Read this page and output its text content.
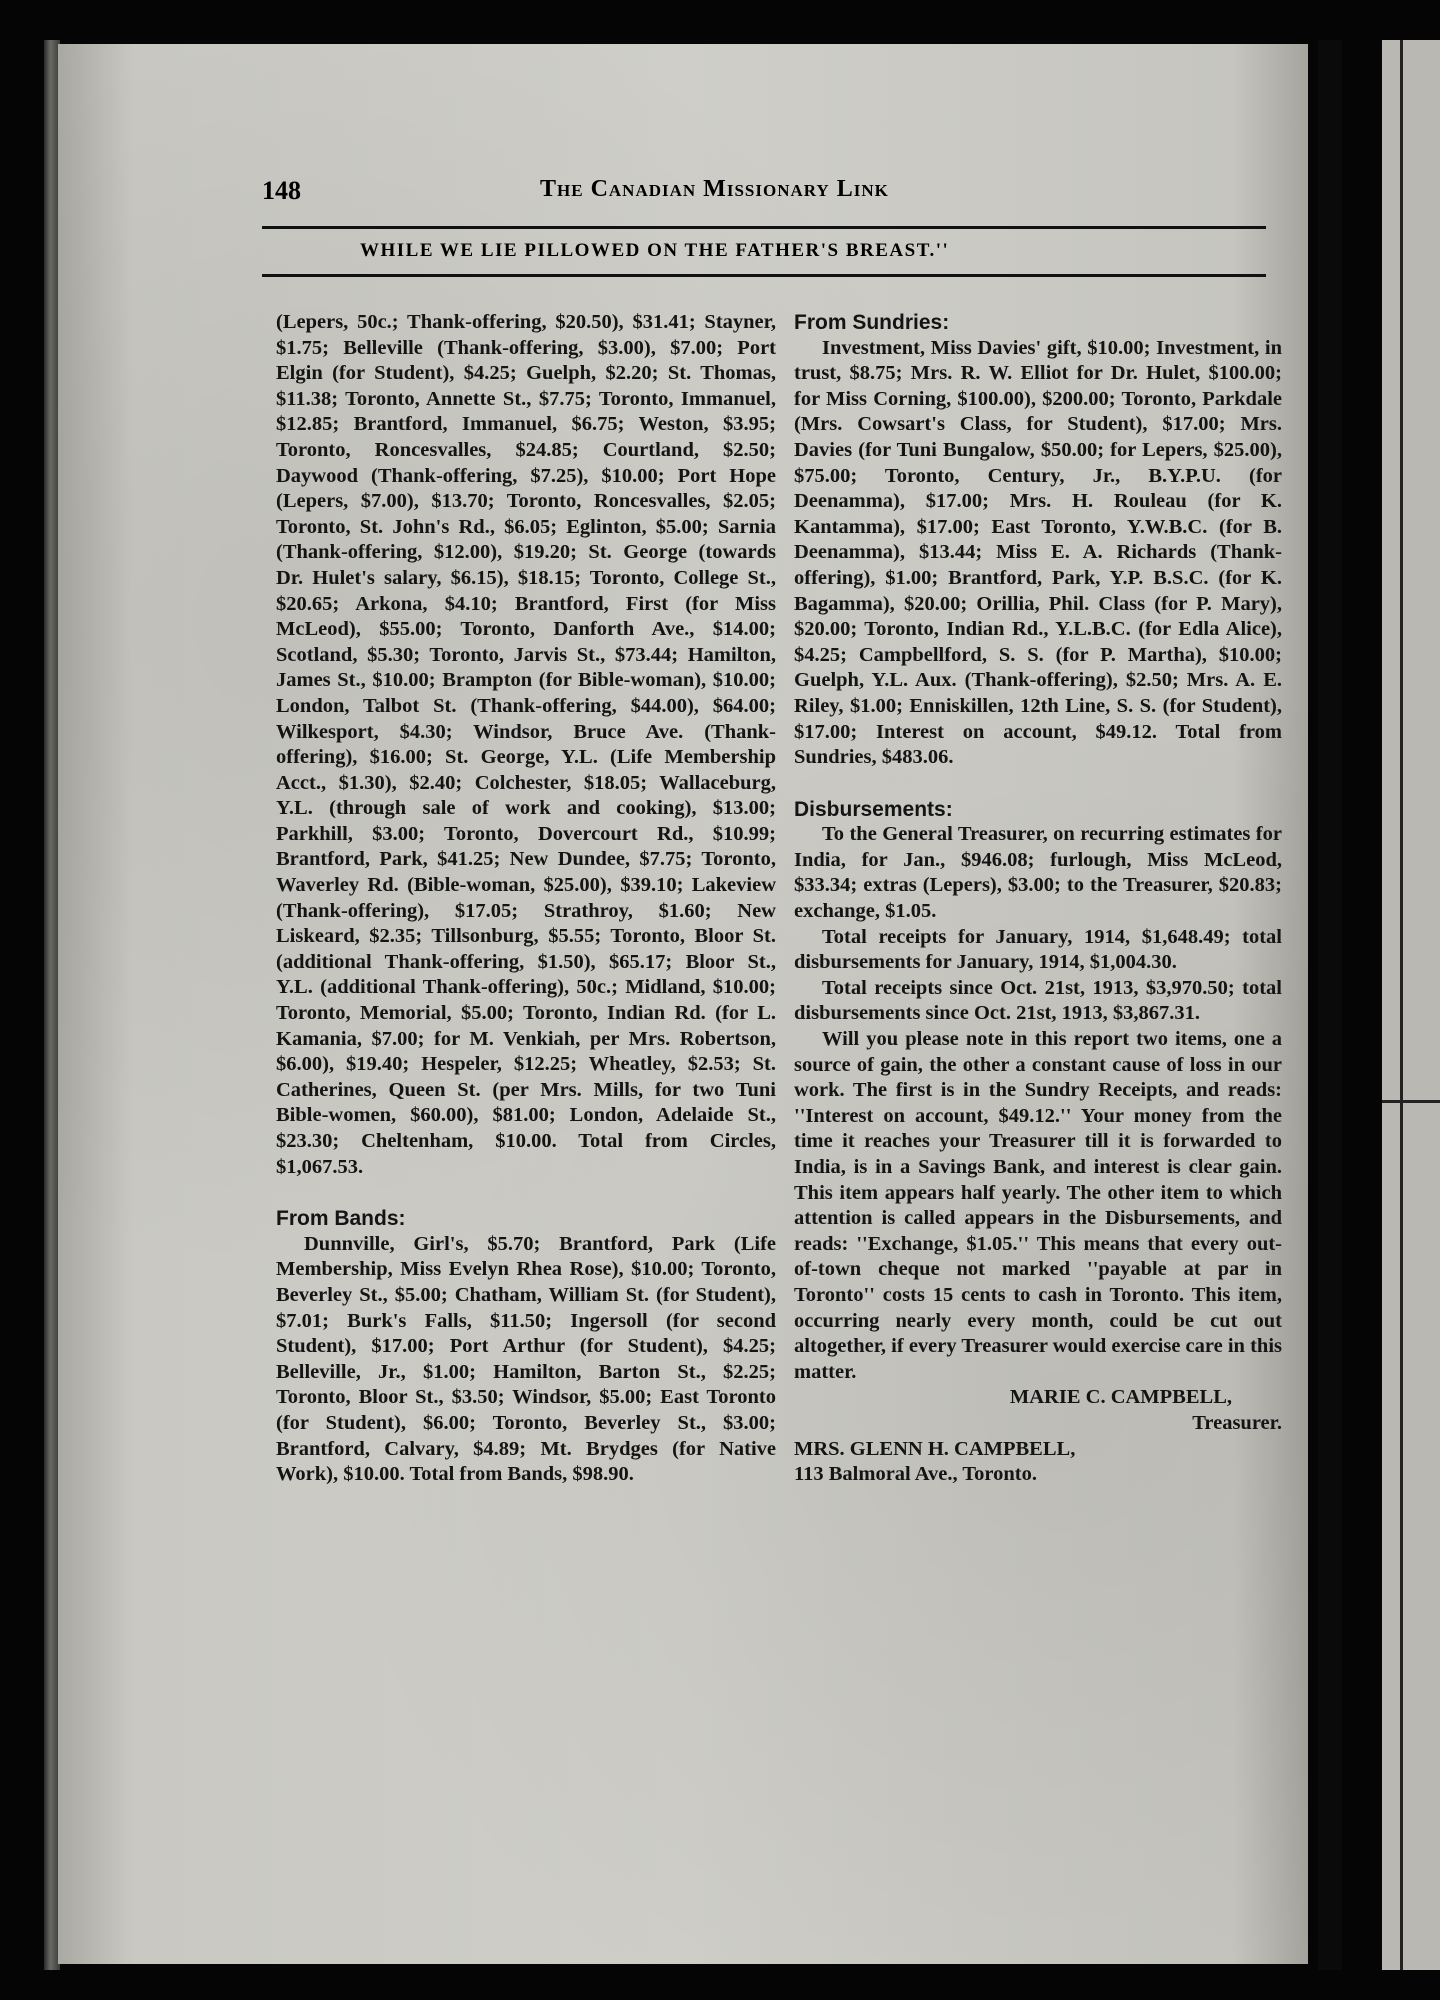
148	The Canadian Missionary Link
WHILE WE LIE PILLOWED ON THE FATHER'S BREAST.''

(Lepers, 50c.; Thank-offering, $20.50), $31.41; Stayner, $1.75; Belleville (Thank-offering, $3.00), $7.00; Port Elgin (for Student), $4.25; Guelph, $2.20; St. Thomas, $11.38; Toronto, Annette St., $7.75; Toronto, Immanuel, $12.85; Brantford, Immanuel, $6.75; Weston, $3.95; Toronto, Roncesvalles, $24.85; Courtland, $2.50; Daywood (Thank-offering, $7.25), $10.00; Port Hope (Lepers, $7.00), $13.70; Toronto, Roncesvalles, $2.05; Toronto, St. John's Rd., $6.05; Eglinton, $5.00; Sarnia (Thank-offering, $12.00), $19.20; St. George (towards Dr. Hulet's salary, $6.15), $18.15; Toronto, College St., $20.65; Arkona, $4.10; Brantford, First (for Miss McLeod), $55.00; Toronto, Danforth Ave., $14.00; Scotland, $5.30; Toronto, Jarvis St., $73.44; Hamilton, James St., $10.00; Brampton (for Bible-woman), $10.00; London, Talbot St. (Thank-offering, $44.00), $64.00; Wilkesport, $4.30; Windsor, Bruce Ave. (Thank-offering), $16.00; St. George, Y.L. (Life Membership Acct., $1.30), $2.40; Colchester, $18.05; Wallaceburg, Y.L. (through sale of work and cooking), $13.00; Parkhill, $3.00; Toronto, Dovercourt Rd., $10.99; Brantford, Park, $41.25; New Dundee, $7.75; Toronto, Waverley Rd. (Bible-woman, $25.00), $39.10; Lakeview (Thank-offering), $17.05; Strathroy, $1.60; New Liskeard, $2.35; Tillsonburg, $5.55; Toronto, Bloor St. (additional Thank-offering, $1.50), $65.17; Bloor St., Y.L. (additional Thank-offering), 50c.; Midland, $10.00; Toronto, Memorial, $5.00; Toronto, Indian Rd. (for L. Kamania, $7.00; for M. Venkiah, per Mrs. Robertson, $6.00), $19.40; Hespeler, $12.25; Wheatley, $2.53; St. Catherines, Queen St. (per Mrs. Mills, for two Tuni Bible-women, $60.00), $81.00; London, Adelaide St., $23.30; Cheltenham, $10.00. Total from Circles, $1,067.53.

From Bands:

Dunnville, Girl's, $5.70; Brantford, Park (Life Membership, Miss Evelyn Rhea Rose), $10.00; Toronto, Beverley St., $5.00; Chatham, William St. (for Student), $7.01; Burk's Falls, $11.50; Ingersoll (for second Student), $17.00; Port Arthur (for Student), $4.25; Belleville, Jr., $1.00; Hamilton, Barton St., $2.25; Toronto, Bloor St., $3.50; Windsor, $5.00; East Toronto (for Student), $6.00; Toronto, Beverley St., $3.00; Brantford, Calvary, $4.89; Mt. Brydges (for Native Work), $10.00. Total from Bands, $98.90.

From Sundries:

Investment, Miss Davies' gift, $10.00; Investment, in trust, $8.75; Mrs. R. W. Elliot for Dr. Hulet, $100.00; for Miss Corning, $100.00), $200.00; Toronto, Parkdale (Mrs. Cowsart's Class, for Student), $17.00; Mrs. Davies (for Tuni Bungalow, $50.00; for Lepers, $25.00), $75.00; Toronto, Century, Jr., B.Y.P.U. (for Deenamma), $17.00; Mrs. H. Rouleau (for K. Kantamma), $17.00; East Toronto, Y.W.B.C. (for B. Deenamma), $13.44; Miss E. A. Richards (Thank-offering), $1.00; Brantford, Park, Y.P. B.S.C. (for K. Bagamma), $20.00; Orillia, Phil. Class (for P. Mary), $20.00; Toronto, Indian Rd., Y.L.B.C. (for Edla Alice), $4.25; Campbellford, S. S. (for P. Martha), $10.00; Guelph, Y.L. Aux. (Thank-offering), $2.50; Mrs. A. E. Riley, $1.00; Enniskillen, 12th Line, S. S. (for Student), $17.00; Interest on account, $49.12. Total from Sundries, $483.06.

Disbursements:

To the General Treasurer, on recurring estimates for India, for Jan., $946.08; furlough, Miss McLeod, $33.34; extras (Lepers), $3.00; to the Treasurer, $20.83; exchange, $1.05.

Total receipts for January, 1914, $1,648.49; total disbursements for January, 1914, $1,004.30.

Total receipts since Oct. 21st, 1913, $3,970.50; total disbursements since Oct. 21st, 1913, $3,867.31.

Will you please note in this report two items, one a source of gain, the other a constant cause of loss in our work. The first is in the Sundry Receipts, and reads: ''Interest on account, $49.12.'' Your money from the time it reaches your Treasurer till it is forwarded to India, is in a Savings Bank, and interest is clear gain. This item appears half yearly. The other item to which attention is called appears in the Disbursements, and reads: ''Exchange, $1.05.'' This means that every out-of-town cheque not marked ''payable at par in Toronto'' costs 15 cents to cash in Toronto. This item, occurring nearly every month, could be cut out altogether, if every Treasurer would exercise care in this matter.

MARIE C. CAMPBELL,

Treasurer.

MRS. GLENN H. CAMPBELL,

113 Balmoral Ave., Toronto.
